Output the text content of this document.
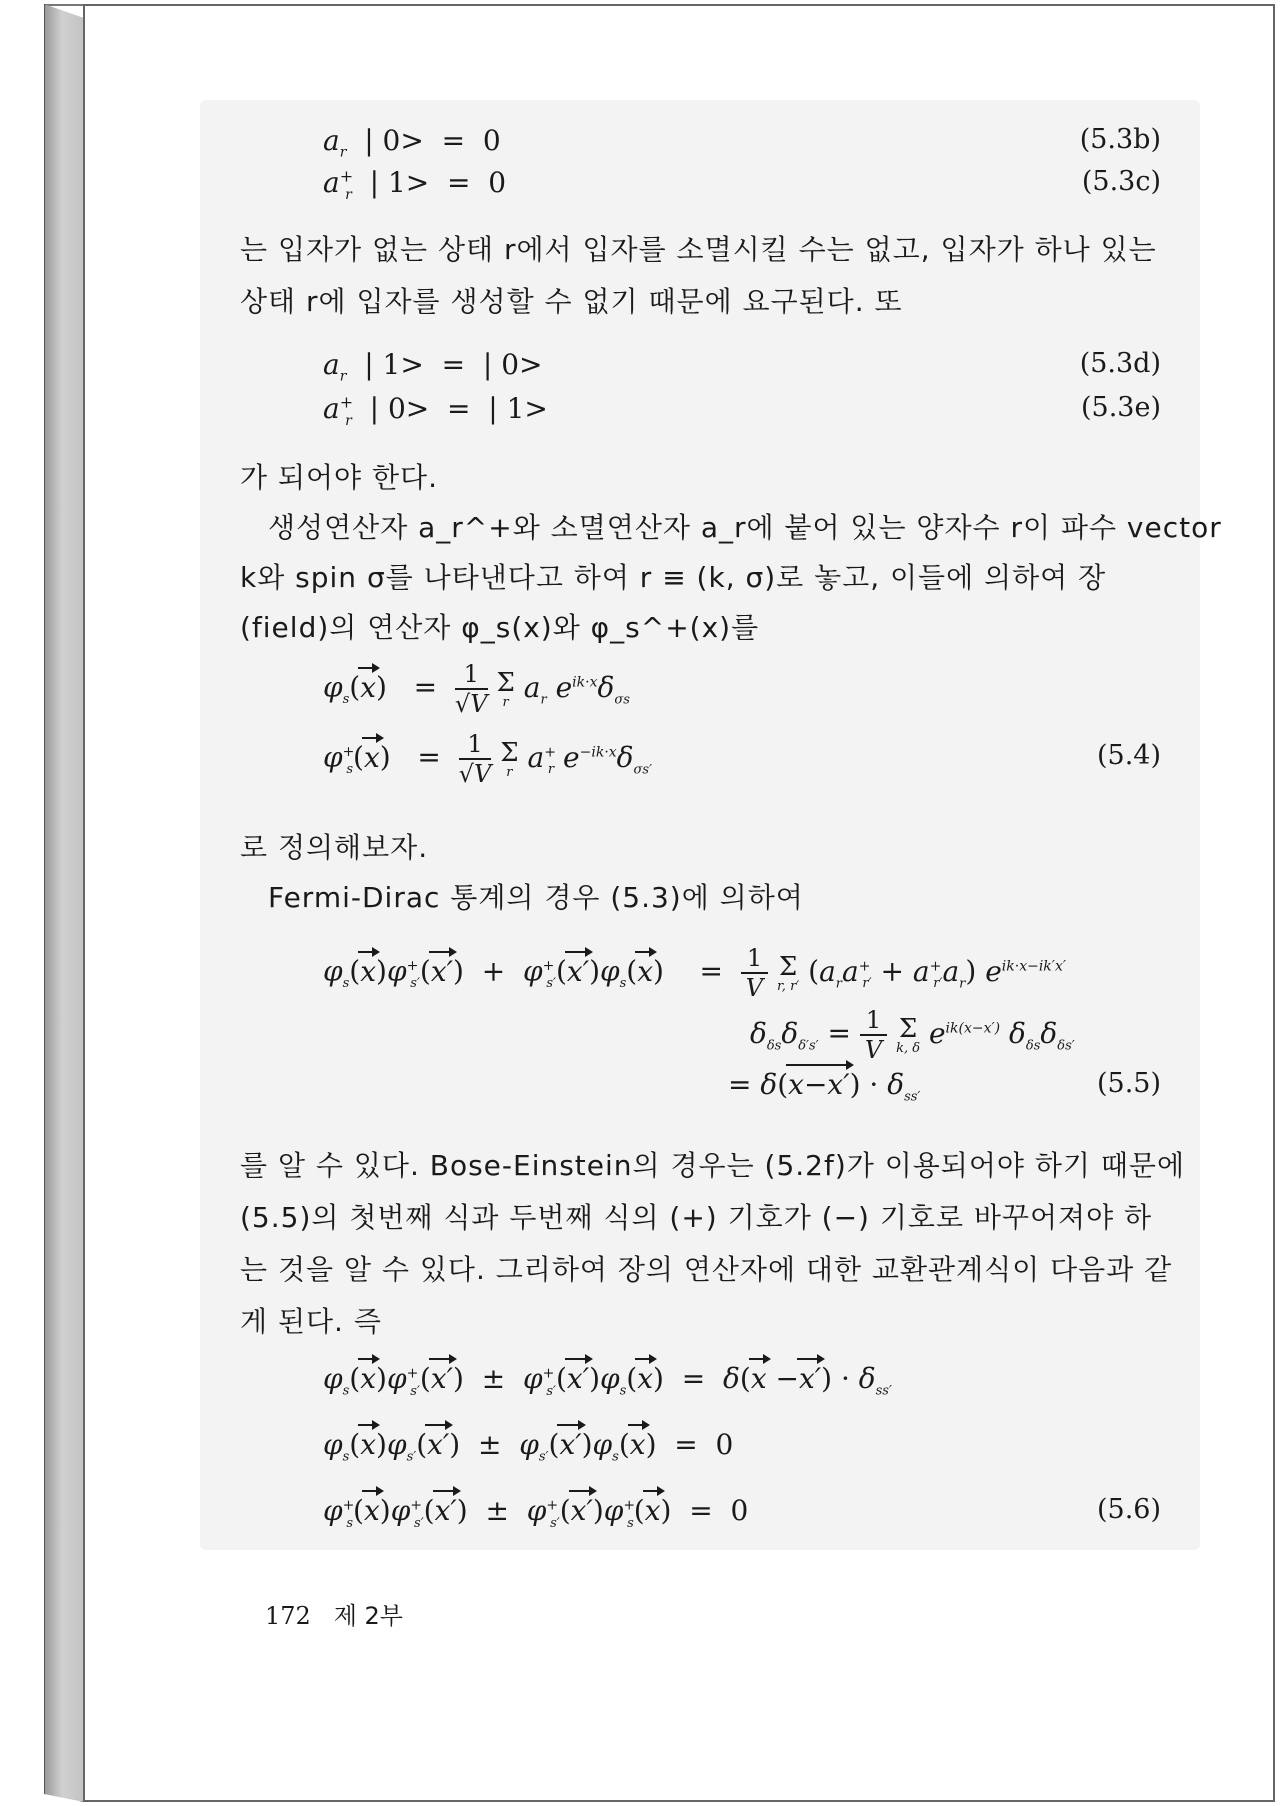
$a_r$  | 0>  =  0	(5.3b)
$a^+_r$  | 1>  =  0	(5.3c)
는 입자가 없는 상태 r에서 입자를 소멸시킬 수는 없고, 입자가 하나 있는
상태 r에 입자를 생성할 수 없기 때문에 요구된다. 또
$a_r$  | 1>  =  | 0>	(5.3d)
$a^+_r$  | 0>  =  | 1>	(5.3e)
가 되어야 한다.
생성연산자 a_r^+와 소멸연산자 a_r에 붙어 있는 양자수 r이 파수 vector
k와 spin σ를 나타낸다고 하여 r ≡ (k, σ)로 놓고, 이들에 의하여 장
(field)의 연산자 φ_s(x)와 φ_s^+(x)를
$\varphi_s(x) = \frac{1}{√V}$
Σ
r $a_r$ $e^{ik\cdot x}\delta_{\sigma s}$
$\varphi^+_s(x) = \frac{1}{√V}$
Σ
r $a^+_r$ $e^{-ik\cdot x}\delta_{\sigma s'}$	(5.4)
로 정의해보자.
Fermi-Dirac 통계의 경우 (5.3)에 의하여
$\varphi_s(x)\varphi^+_{s'}(x') + \varphi^+_{s'}(x')\varphi_s(x)$    = $\frac{1}{V}$
Σ
r, r′ $(a_ra^+_{r'} + a^+_{r'}a_r)$ $e^{ik\cdot x-ik'x'}$
$\delta_{\delta s}\delta_{\delta's'} = \frac{1}{V}$
Σ
k, δ $e^{ik(x-x')}$ $\delta_{\delta s}\delta_{\delta s'}$
= $\delta(x-x') \cdot \delta_{ss'}$	(5.5)
를 알 수 있다. Bose-Einstein의 경우는 (5.2f)가 이용되어야 하기 때문에
(5.5)의 첫번째 식과 두번째 식의 (+) 기호가 (−) 기호로 바꾸어져야 하
는 것을 알 수 있다. 그리하여 장의 연산자에 대한 교환관계식이 다음과 같
게 된다. 즉
$\varphi_s(x)\varphi^+_{s'}(x') \pm \varphi^+_{s'}(x')\varphi_s(x) = \delta(x -x') \cdot \delta_{ss'}$
$\varphi_s(x)\varphi_{s'}(x') \pm \varphi_{s'}(x')\varphi_s(x) = 0$
$\varphi^+_s(x)\varphi^+_{s'}(x') \pm \varphi^+_{s'}(x')\varphi^+_s(x) = 0$	(5.6)
172 제 2부
